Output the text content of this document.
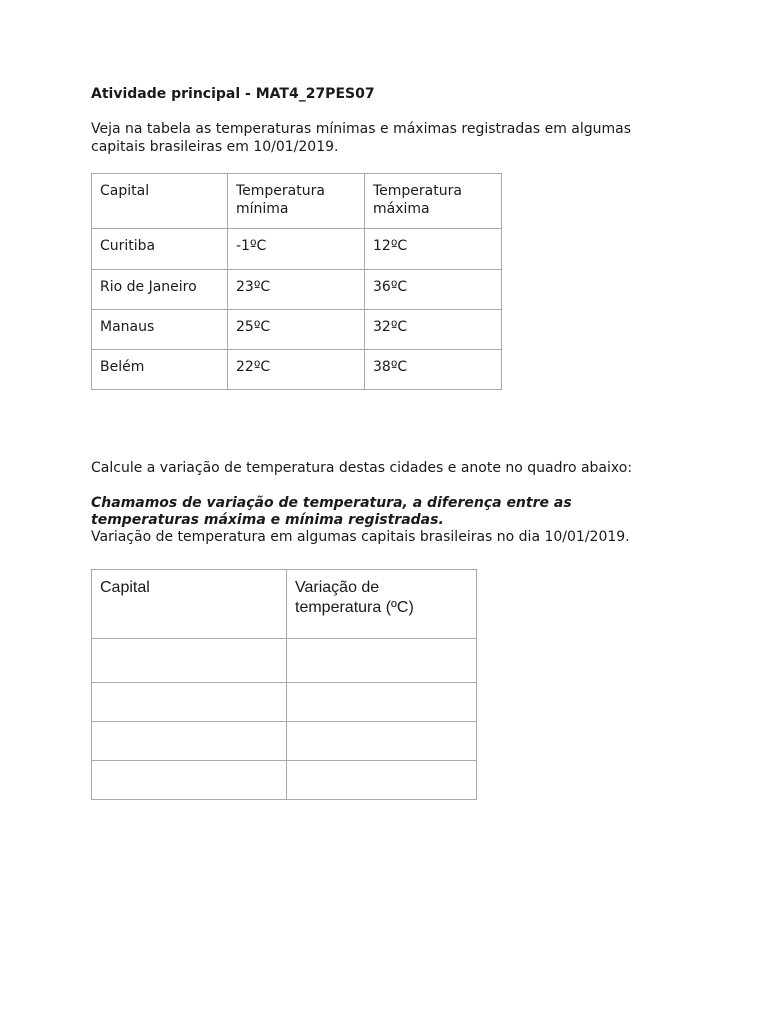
Atividade principal - MAT4_27PES07

Veja na tabela as temperaturas mínimas e máximas registradas em algumas capitais brasileiras em 10/01/2019.

Capital	Temperatura mínima	Temperatura máxima
Curitiba	-1ºC	12ºC
Rio de Janeiro	23ºC	36ºC
Manaus	25ºC	32ºC
Belém	22ºC	38ºC

Calcule a variação de temperatura destas cidades e anote no quadro abaixo:

Chamamos de variação de temperatura, a diferença entre as temperaturas máxima e mínima registradas.
Variação de temperatura em algumas capitais brasileiras no dia 10/01/2019.

Capital	Variação de temperatura (ºC)
